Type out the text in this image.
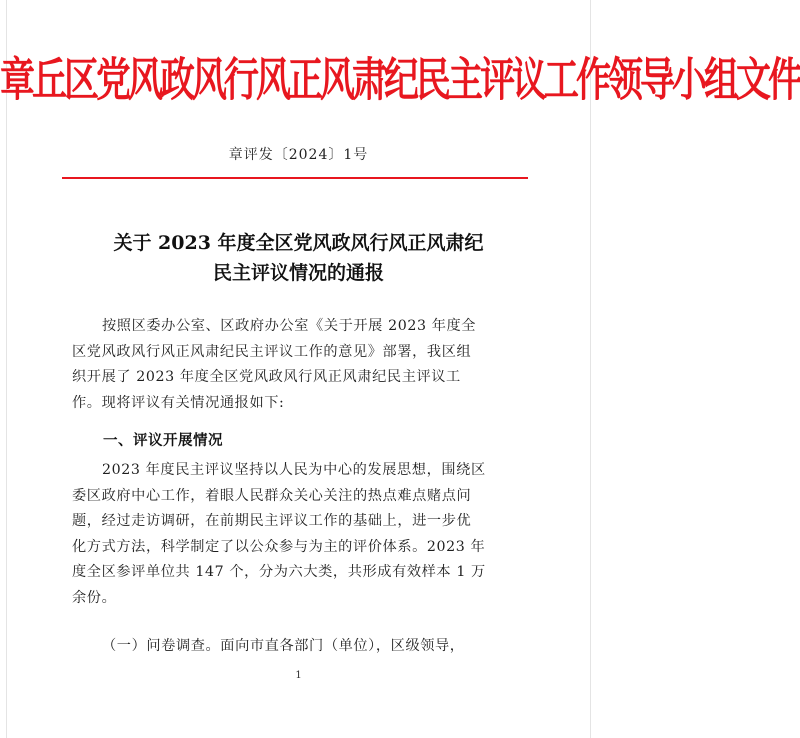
章丘区党风政风行风正风肃纪民主评议工作领导小组文件
章评发〔2024〕1号
关于 2023 年度全区党风政风行风正风肃纪
民主评议情况的通报
按照区委办公室、区政府办公室《关于开展 2023 年度全
区党风政风行风正风肃纪民主评议工作的意见》部署，我区组
织开展了 2023 年度全区党风政风行风正风肃纪民主评议工
作。现将评议有关情况通报如下:
一、评议开展情况
2023 年度民主评议坚持以人民为中心的发展思想，围绕区
委区政府中心工作，着眼人民群众关心关注的热点难点赌点问
题，经过走访调研，在前期民主评议工作的基础上，进一步优
化方式方法，科学制定了以公众参与为主的评价体系。2023 年
度全区参评单位共 147 个，分为六大类，共形成有效样本 1 万
余份。
（一）问卷调查。面向市直各部门（单位），区级领导，
1
